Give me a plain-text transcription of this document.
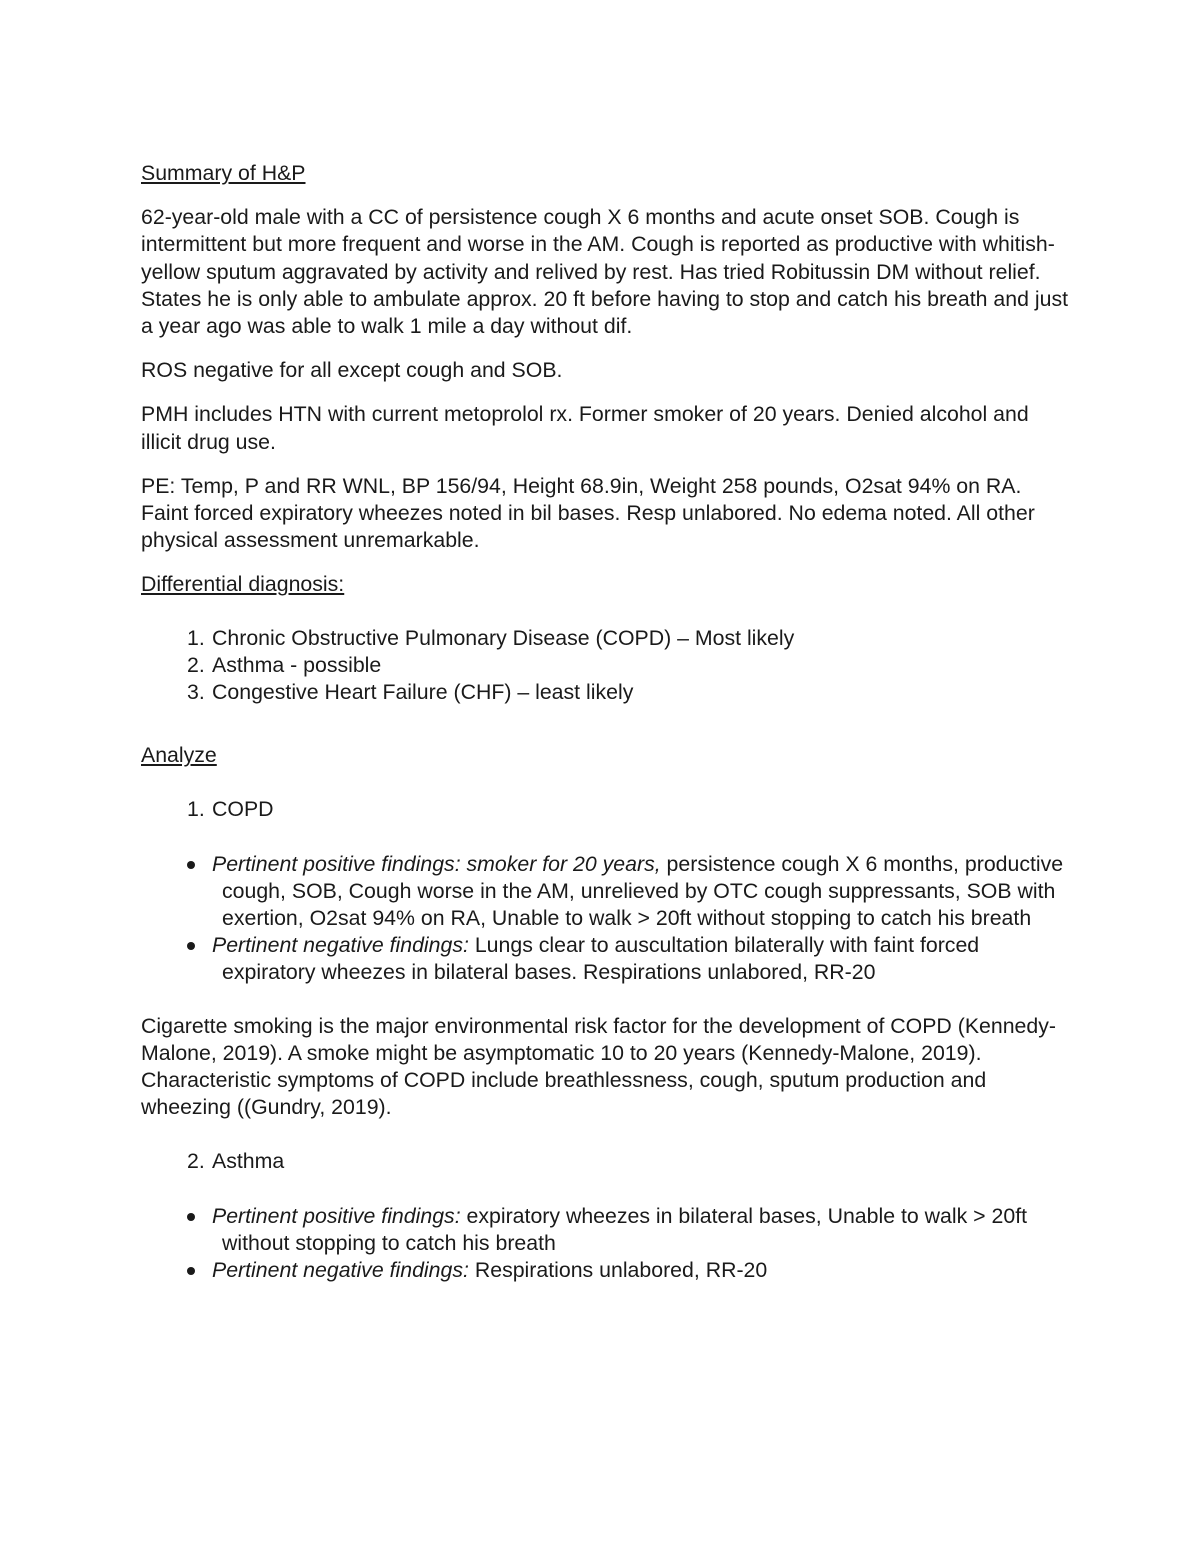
Summary of H&P

62-year-old male with a CC of persistence cough X 6 months and acute onset SOB. Cough is intermittent but more frequent and worse in the AM. Cough is reported as productive with whitish-yellow sputum aggravated by activity and relived by rest. Has tried Robitussin DM without relief. States he is only able to ambulate approx. 20 ft before having to stop and catch his breath and just a year ago was able to walk 1 mile a day without dif.

ROS negative for all except cough and SOB.

PMH includes HTN with current metoprolol rx. Former smoker of 20 years. Denied alcohol and illicit drug use.

PE: Temp, P and RR WNL, BP 156/94, Height 68.9in, Weight 258 pounds, O2sat 94% on RA. Faint forced expiratory wheezes noted in bil bases. Resp unlabored. No edema noted. All other physical assessment unremarkable.

Differential diagnosis:

1. Chronic Obstructive Pulmonary Disease (COPD) – Most likely
2. Asthma - possible
3. Congestive Heart Failure (CHF) – least likely

Analyze

1. COPD
Pertinent positive findings: smoker for 20 years, persistence cough X 6 months, productive cough, SOB, Cough worse in the AM, unrelieved by OTC cough suppressants, SOB with exertion, O2sat 94% on RA, Unable to walk > 20ft without stopping to catch his breath
Pertinent negative findings: Lungs clear to auscultation bilaterally with faint forced expiratory wheezes in bilateral bases. Respirations unlabored, RR-20

Cigarette smoking is the major environmental risk factor for the development of COPD (Kennedy-Malone, 2019). A smoke might be asymptomatic 10 to 20 years (Kennedy-Malone, 2019). Characteristic symptoms of COPD include breathlessness, cough, sputum production and wheezing ((Gundry, 2019).

2. Asthma
Pertinent positive findings: expiratory wheezes in bilateral bases, Unable to walk > 20ft without stopping to catch his breath
Pertinent negative findings: Respirations unlabored, RR-20
